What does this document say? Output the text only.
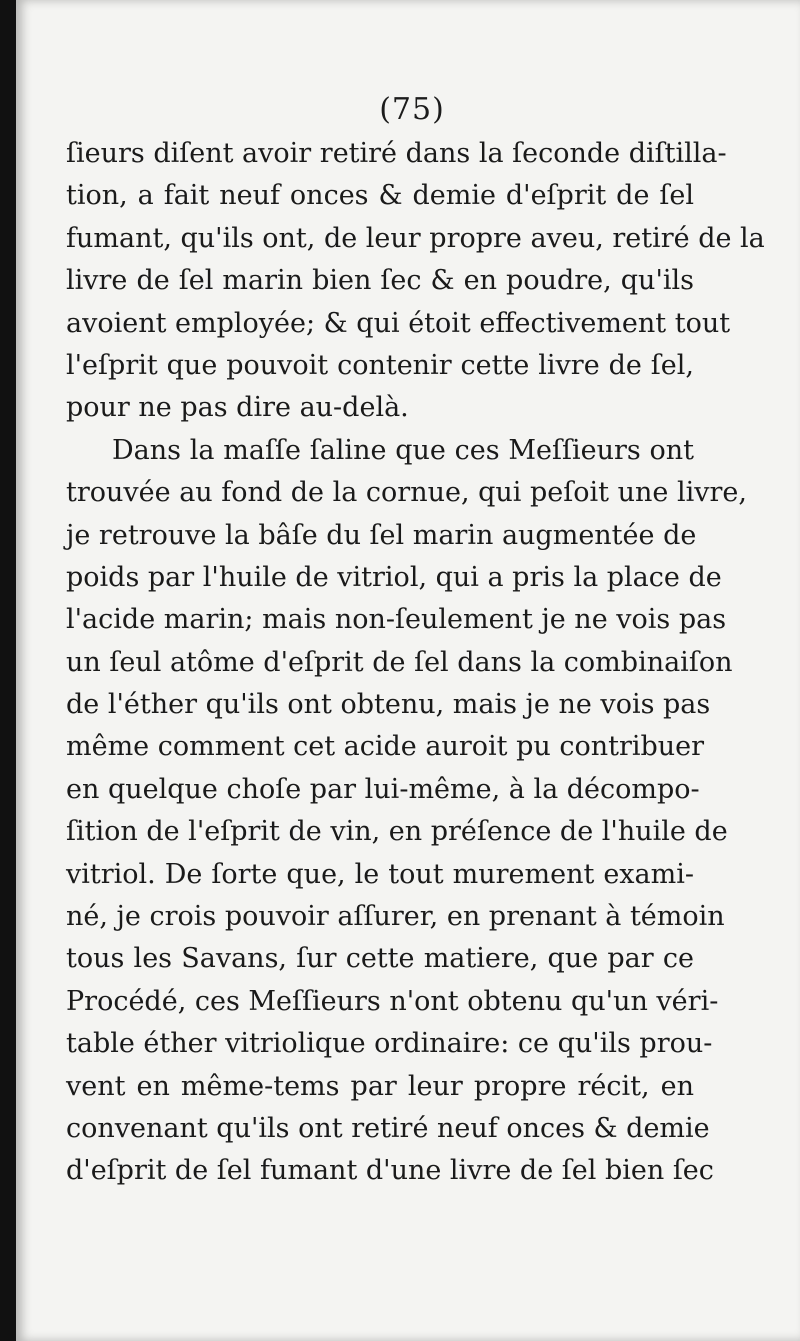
(75)
ſieurs diſent avoir retiré dans la ſeconde diſtilla-
tion, a fait neuf onces & demie d'eſprit de ſel
fumant, qu'ils ont, de leur propre aveu, retiré de la
livre de ſel marin bien ſec & en poudre, qu'ils
avoient employée; & qui étoit effectivement tout
l'eſprit que pouvoit contenir cette livre de ſel,
pour ne pas dire au-delà.
Dans la maſſe ſaline que ces Meſſieurs ont
trouvée au fond de la cornue, qui peſoit une livre,
je retrouve la bâſe du ſel marin augmentée de
poids par l'huile de vitriol, qui a pris la place de
l'acide marin; mais non-ſeulement je ne vois pas
un ſeul atôme d'eſprit de ſel dans la combinaiſon
de l'éther qu'ils ont obtenu, mais je ne vois pas
même comment cet acide auroit pu contribuer
en quelque choſe par lui-même, à la décompo-
ſition de l'eſprit de vin, en préſence de l'huile de
vitriol. De ſorte que, le tout murement exami-
né, je crois pouvoir aſſurer, en prenant à témoin
tous les Savans, ſur cette matiere, que par ce
Procédé, ces Meſſieurs n'ont obtenu qu'un véri-
table éther vitriolique ordinaire: ce qu'ils prou-
vent en même-tems par leur propre récit, en
convenant qu'ils ont retiré neuf onces & demie
d'eſprit de ſel fumant d'une livre de ſel bien ſec
